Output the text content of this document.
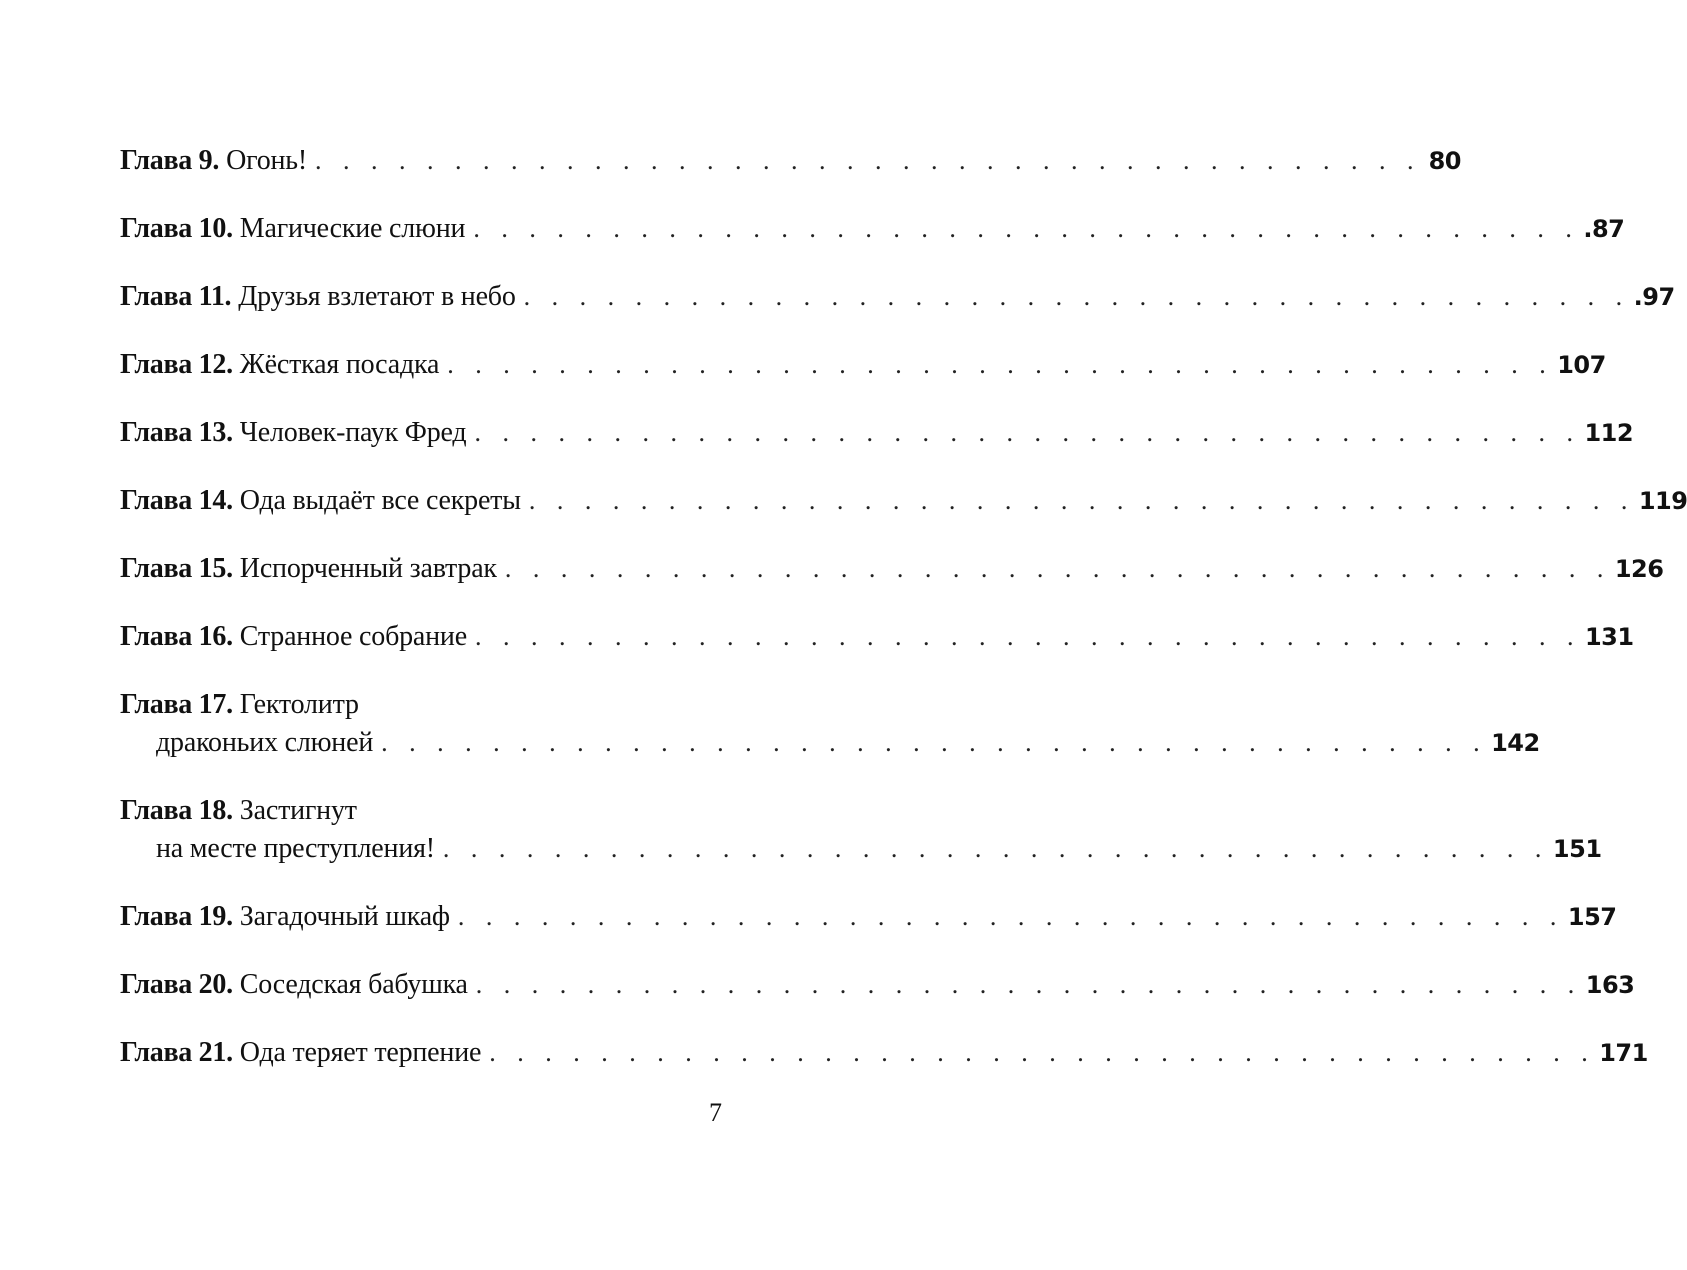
Глава 9.
Огонь! . . . . . . . . . . . . . . . . . . . . . . . . . . . . . . . . . . . . . . . . 80
Глава 10.
Магические слюни . . . . . . . . . . . . . . . . . . . . . . . . . . . . . . . . . . . . . . . . .87
Глава 11.
Друзья взлетают в небо . . . . . . . . . . . . . . . . . . . . . . . . . . . . . . . . . . . . . . . . .97
Глава 12.
Жёсткая посадка . . . . . . . . . . . . . . . . . . . . . . . . . . . . . . . . . . . . . . . . 107
Глава 13.
Человек-паук Фред . . . . . . . . . . . . . . . . . . . . . . . . . . . . . . . . . . . . . . . . 112
Глава 14.
Ода выдаёт все секреты . . . . . . . . . . . . . . . . . . . . . . . . . . . . . . . . . . . . . . . . 119
Глава 15.
Испорченный завтрак . . . . . . . . . . . . . . . . . . . . . . . . . . . . . . . . . . . . . . . . 126
Глава 16.
Странное собрание . . . . . . . . . . . . . . . . . . . . . . . . . . . . . . . . . . . . . . . . 131
Глава 17.
Гектолитр
драконьих слюней . . . . . . . . . . . . . . . . . . . . . . . . . . . . . . . . . . . . . . . . 142
Глава 18.
Застигнут
на месте преступления! . . . . . . . . . . . . . . . . . . . . . . . . . . . . . . . . . . . . . . . . 151
Глава 19.
Загадочный шкаф . . . . . . . . . . . . . . . . . . . . . . . . . . . . . . . . . . . . . . . . 157
Глава 20.
Соседская бабушка . . . . . . . . . . . . . . . . . . . . . . . . . . . . . . . . . . . . . . . . 163
Глава 21.
Ода теряет терпение . . . . . . . . . . . . . . . . . . . . . . . . . . . . . . . . . . . . . . . . 171
7
